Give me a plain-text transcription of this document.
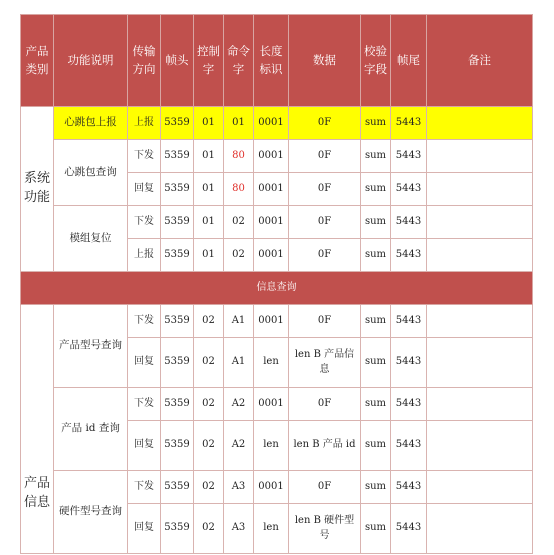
产品类别	功能说明	传输方向	帧头	控制字	命令字	长度标识	数据	校验字段	帧尾	备注
系统功能	心跳包上报	上报	5359	01	01	0001	0F	sum	5443	
	心跳包查询	下发	5359	01	80	0001	0F	sum	5443	
		回复	5359	01	80	0001	0F	sum	5443	
	模组复位	下发	5359	01	02	0001	0F	sum	5443	
		上报	5359	01	02	0001	0F	sum	5443	
信息查询										
产品信息	产品型号查询	下发	5359	02	A1	0001	0F	sum	5443	
		回复	5359	02	A1	len	len B 产品信息	sum	5443	
	产品 id 查询	下发	5359	02	A2	0001	0F	sum	5443	
		回复	5359	02	A2	len	len B 产品 id	sum	5443	
	硬件型号查询	下发	5359	02	A3	0001	0F	sum	5443	
		回复	5359	02	A3	len	len B 硬件型号	sum	5443	
